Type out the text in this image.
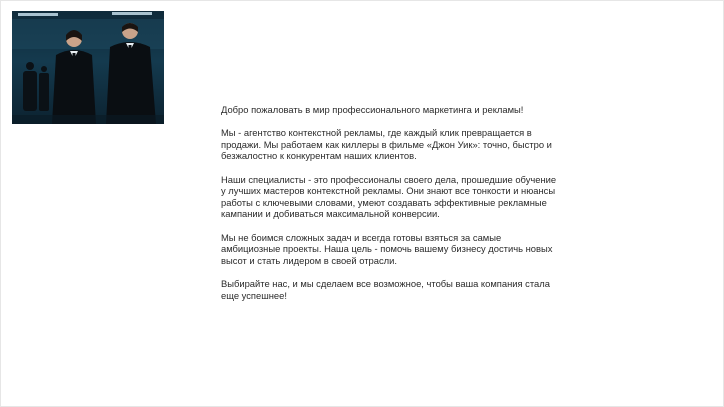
Добро пожаловать в мир профессионального маркетинга и рекламы!

Мы - агентство контекстной рекламы, где каждый клик превращается в продажи. Мы работаем как киллеры в фильме «Джон Уик»: точно, быстро и безжалостно к конкурентам наших клиентов.

Наши специалисты - это профессионалы своего дела, прошедшие обучение у лучших мастеров контекстной рекламы. Они знают все тонкости и нюансы работы с ключевыми словами, умеют создавать эффективные рекламные кампании и добиваться максимальной конверсии.

Мы не боимся сложных задач и всегда готовы взяться за самые амбициозные проекты. Наша цель - помочь вашему бизнесу достичь новых высот и стать лидером в своей отрасли.

Выбирайте нас, и мы сделаем все возможное, чтобы ваша компания стала еще успешнее!
